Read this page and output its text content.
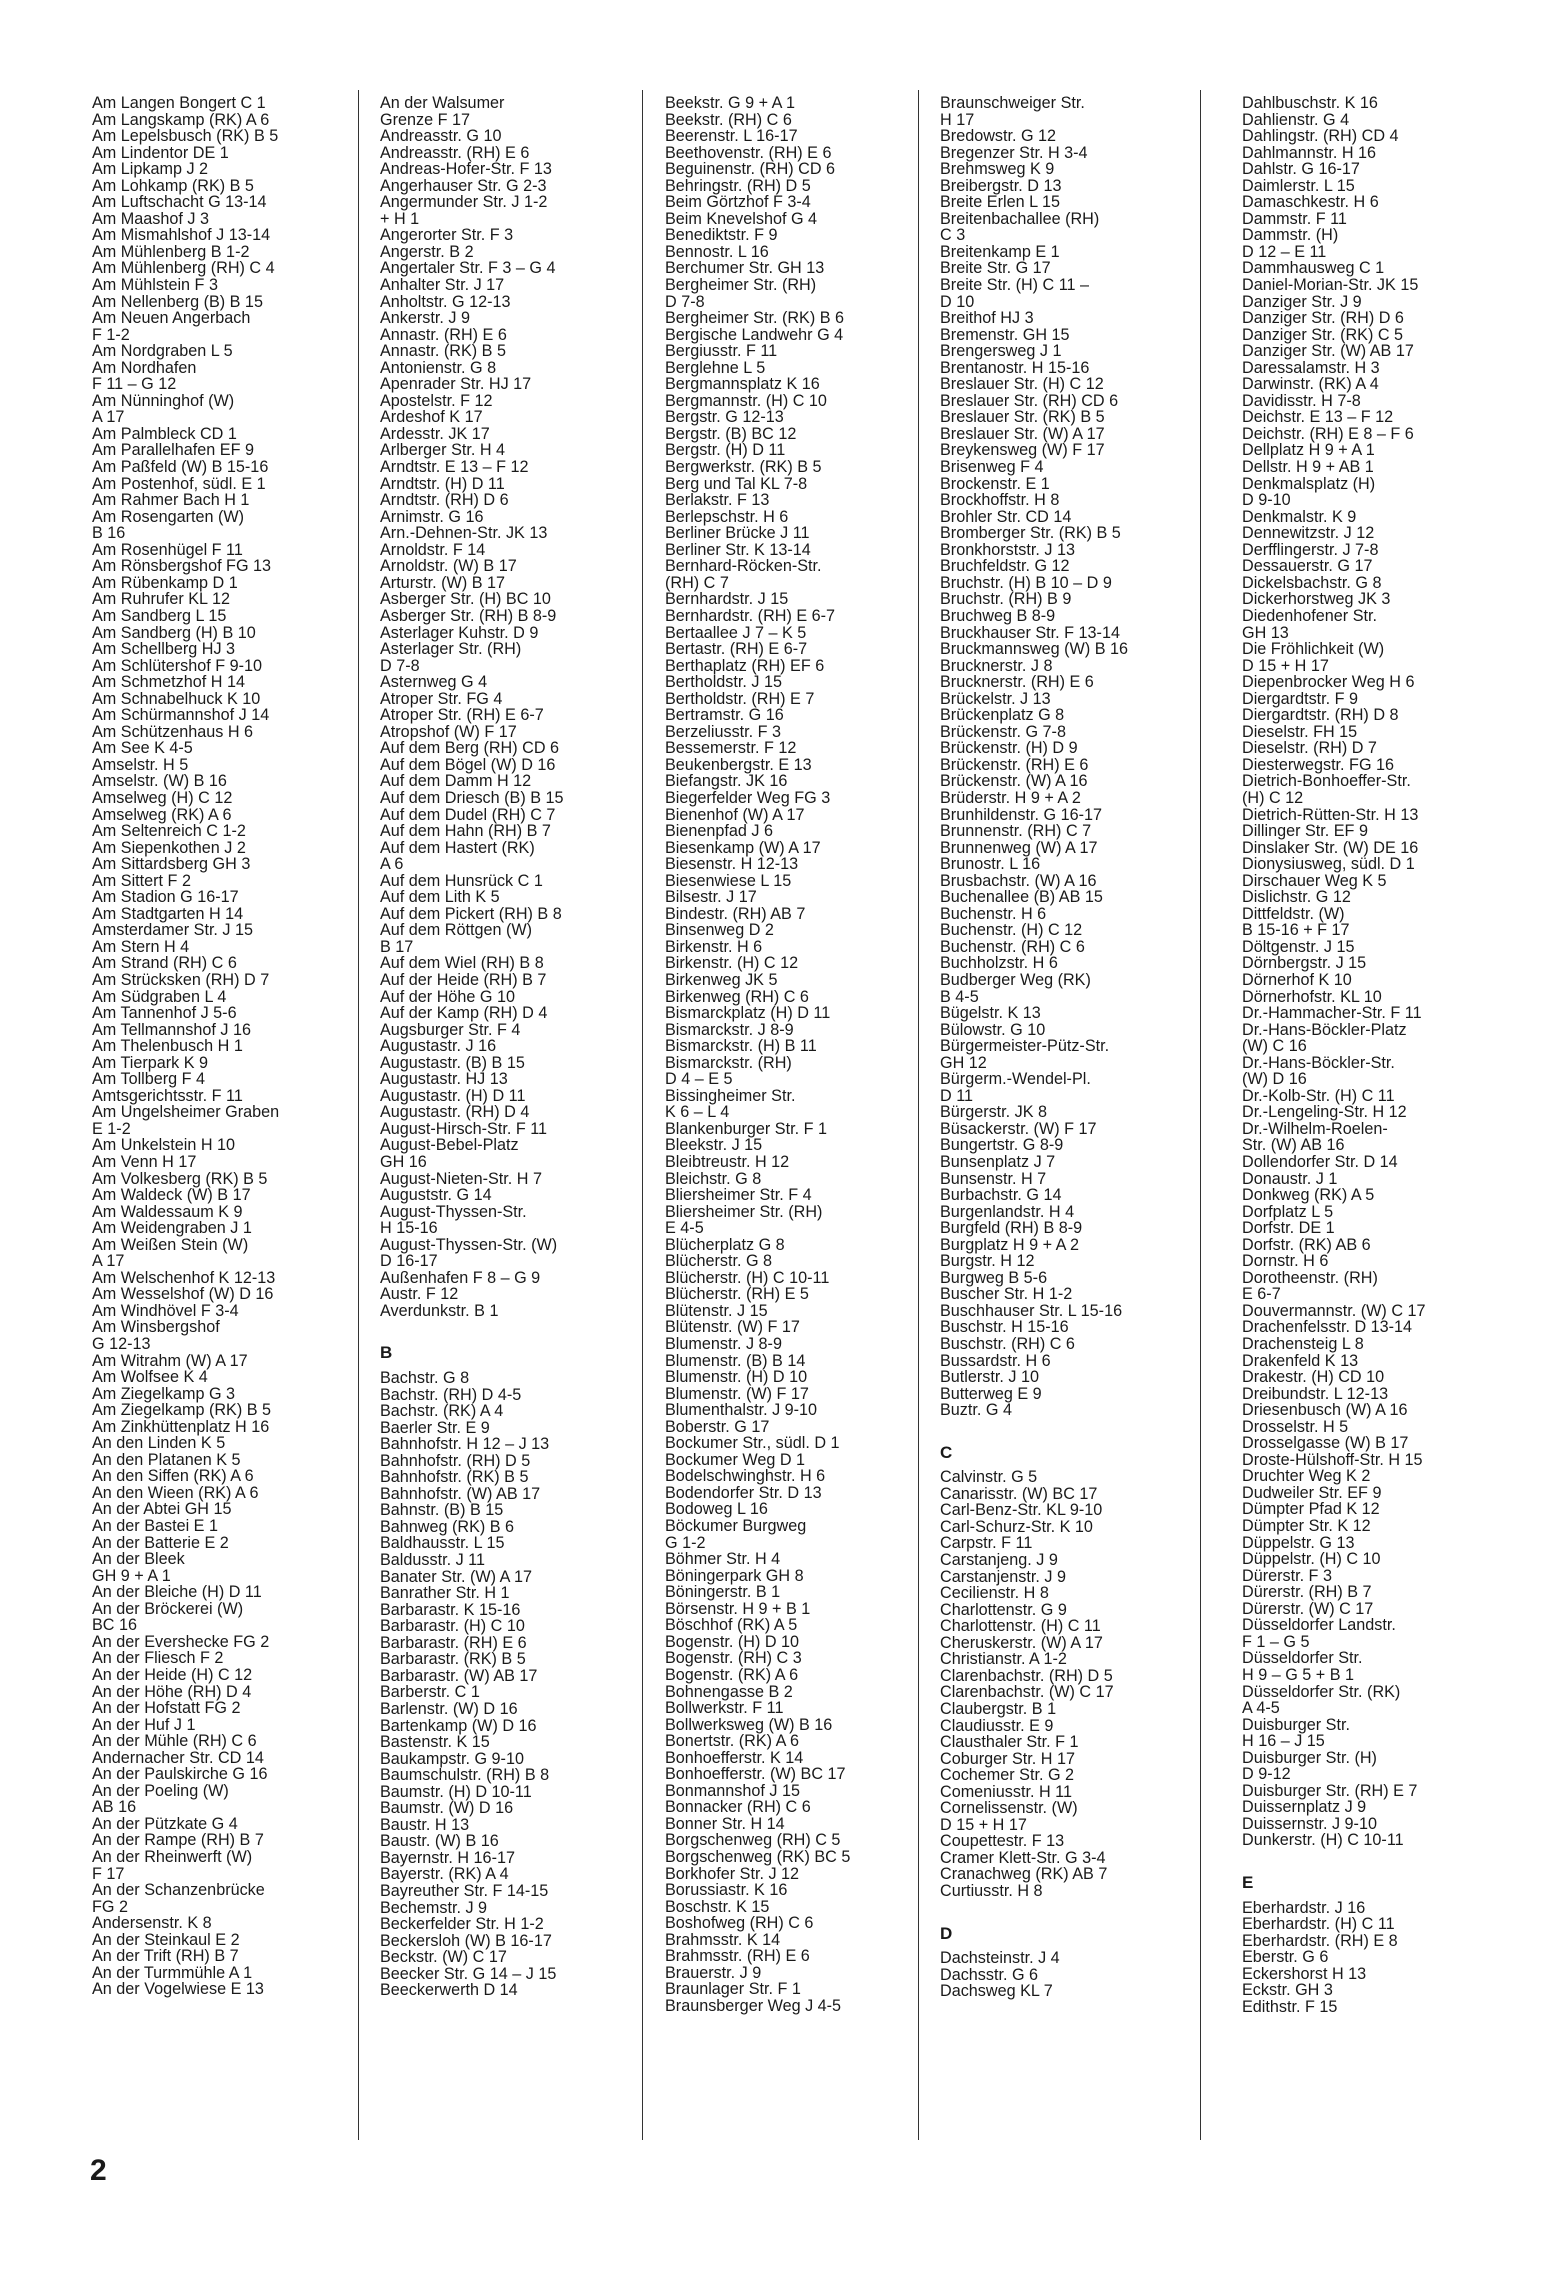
Am Langen Bongert C 1
Am Langskamp (RK) A 6
Am Lepelsbusch (RK) B 5
Am Lindentor DE 1
Am Lipkamp J 2
Am Lohkamp (RK) B 5
Am Luftschacht G 13-14
Am Maashof J 3
Am Mismahlshof J 13-14
Am Mühlenberg B 1-2
Am Mühlenberg (RH) C 4
Am Mühlstein F 3
Am Nellenberg (B) B 15
Am Neuen Angerbach
F 1-2
Am Nordgraben L 5
Am Nordhafen
F 11 – G 12
Am Nünninghof (W)
A 17
Am Palmbleck CD 1
Am Parallelhafen EF 9
Am Paßfeld (W) B 15-16
Am Postenhof, südl. E 1
Am Rahmer Bach H 1
Am Rosengarten (W)
B 16
Am Rosenhügel F 11
Am Rönsbergshof FG 13
Am Rübenkamp D 1
Am Ruhrufer KL 12
Am Sandberg L 15
Am Sandberg (H) B 10
Am Schellberg HJ 3
Am Schlütershof F 9-10
Am Schmetzhof H 14
Am Schnabelhuck K 10
Am Schürmannshof J 14
Am Schützenhaus H 6
Am See K 4-5
Amselstr. H 5
Amselstr. (W) B 16
Amselweg (H) C 12
Amselweg (RK) A 6
Am Seltenreich C 1-2
Am Siepenkothen J 2
Am Sittardsberg GH 3
Am Sittert F 2
Am Stadion G 16-17
Am Stadtgarten H 14
Amsterdamer Str. J 15
Am Stern H 4
Am Strand (RH) C 6
Am Strücksken (RH) D 7
Am Südgraben L 4
Am Tannenhof J 5-6
Am Tellmannshof J 16
Am Thelenbusch H 1
Am Tierpark K 9
Am Tollberg F 4
Amtsgerichtsstr. F 11
Am Ungelsheimer Graben
E 1-2
Am Unkelstein H 10
Am Venn H 17
Am Volkesberg (RK) B 5
Am Waldeck (W) B 17
Am Waldessaum K 9
Am Weidengraben J 1
Am Weißen Stein (W)
A 17
Am Welschenhof K 12-13
Am Wesselshof (W) D 16
Am Windhövel F 3-4
Am Winsbergshof
G 12-13
Am Witrahm (W) A 17
Am Wolfsee K 4
Am Ziegelkamp G 3
Am Ziegelkamp (RK) B 5
Am Zinkhüttenplatz H 16
An den Linden K 5
An den Platanen K 5
An den Siffen (RK) A 6
An den Wieen (RK) A 6
An der Abtei GH 15
An der Bastei E 1
An der Batterie E 2
An der Bleek
GH 9 + A 1
An der Bleiche (H) D 11
An der Bröckerei (W)
BC 16
An der Evershecke FG 2
An der Fliesch F 2
An der Heide (H) C 12
An der Höhe (RH) D 4
An der Hofstatt FG 2
An der Huf J 1
An der Mühle (RH) C 6
Andernacher Str. CD 14
An der Paulskirche G 16
An der Poeling (W)
AB 16
An der Pützkate G 4
An der Rampe (RH) B 7
An der Rheinwerft (W)
F 17
An der Schanzenbrücke
FG 2
Andersenstr. K 8
An der Steinkaul E 2
An der Trift (RH) B 7
An der Turmmühle A 1
An der Vogelwiese E 13
An der Walsumer
Grenze F 17
Andreasstr. G 10
Andreasstr. (RH) E 6
Andreas-Hofer-Str. F 13
Angerhauser Str. G 2-3
Angermunder Str. J 1-2
+ H 1
Angerorter Str. F 3
Angerstr. B 2
Angertaler Str. F 3 – G 4
Anhalter Str. J 17
Anholtstr. G 12-13
Ankerstr. J 9
Annastr. (RH) E 6
Annastr. (RK) B 5
Antonienstr. G 8
Apenrader Str. HJ 17
Apostelstr. F 12
Ardeshof K 17
Ardesstr. JK 17
Arlberger Str. H 4
Arndtstr. E 13 – F 12
Arndtstr. (H) D 11
Arndtstr. (RH) D 6
Arnimstr. G 16
Arn.-Dehnen-Str. JK 13
Arnoldstr. F 14
Arnoldstr. (W) B 17
Arturstr. (W) B 17
Asberger Str. (H) BC 10
Asberger Str. (RH) B 8-9
Asterlager Kuhstr. D 9
Asterlager Str. (RH)
D 7-8
Asternweg G 4
Atroper Str. FG 4
Atroper Str. (RH) E 6-7
Atropshof (W) F 17
Auf dem Berg (RH) CD 6
Auf dem Bögel (W) D 16
Auf dem Damm H 12
Auf dem Driesch (B) B 15
Auf dem Dudel (RH) C 7
Auf dem Hahn (RH) B 7
Auf dem Hastert (RK)
A 6
Auf dem Hunsrück C 1
Auf dem Lith K 5
Auf dem Pickert (RH) B 8
Auf dem Röttgen (W)
B 17
Auf dem Wiel (RH) B 8
Auf der Heide (RH) B 7
Auf der Höhe G 10
Auf der Kamp (RH) D 4
Augsburger Str. F 4
Augustastr. J 16
Augustastr. (B) B 15
Augustastr. HJ 13
Augustastr. (H) D 11
Augustastr. (RH) D 4
August-Hirsch-Str. F 11
August-Bebel-Platz
GH 16
August-Nieten-Str. H 7
Auguststr. G 14
August-Thyssen-Str.
H 15-16
August-Thyssen-Str. (W)
D 16-17
Außenhafen F 8 – G 9
Austr. F 12
Averdunkstr. B 1
B
Bachstr. G 8
Bachstr. (RH) D 4-5
Bachstr. (RK) A 4
Baerler Str. E 9
Bahnhofstr. H 12 – J 13
Bahnhofstr. (RH) D 5
Bahnhofstr. (RK) B 5
Bahnhofstr. (W) AB 17
Bahnstr. (B) B 15
Bahnweg (RK) B 6
Baldhausstr. L 15
Baldusstr. J 11
Banater Str. (W) A 17
Banrather Str. H 1
Barbarastr. K 15-16
Barbarastr. (H) C 10
Barbarastr. (RH) E 6
Barbarastr. (RK) B 5
Barbarastr. (W) AB 17
Barberstr. C 1
Barlenstr. (W) D 16
Bartenkamp (W) D 16
Bastenstr. K 15
Baukampstr. G 9-10
Baumschulstr. (RH) B 8
Baumstr. (H) D 10-11
Baumstr. (W) D 16
Baustr. H 13
Baustr. (W) B 16
Bayernstr. H 16-17
Bayerstr. (RK) A 4
Bayreuther Str. F 14-15
Bechemstr. J 9
Beckerfelder Str. H 1-2
Beckersloh (W) B 16-17
Beckstr. (W) C 17
Beecker Str. G 14 – J 15
Beeckerwerth D 14
Beekstr. G 9 + A 1
Beekstr. (RH) C 6
Beerenstr. L 16-17
Beethovenstr. (RH) E 6
Beguinenstr. (RH) CD 6
Behringstr. (RH) D 5
Beim Görtzhof F 3-4
Beim Knevelshof G 4
Benediktstr. F 9
Bennostr. L 16
Berchumer Str. GH 13
Bergheimer Str. (RH)
D 7-8
Bergheimer Str. (RK) B 6
Bergische Landwehr G 4
Bergiusstr. F 11
Berglehne L 5
Bergmannsplatz K 16
Bergmannstr. (H) C 10
Bergstr. G 12-13
Bergstr. (B) BC 12
Bergstr. (H) D 11
Bergwerkstr. (RK) B 5
Berg und Tal KL 7-8
Berlakstr. F 13
Berlepschstr. H 6
Berliner Brücke J 11
Berliner Str. K 13-14
Bernhard-Röcken-Str.
(RH) C 7
Bernhardstr. J 15
Bernhardstr. (RH) E 6-7
Bertaallee J 7 – K 5
Bertastr. (RH) E 6-7
Berthaplatz (RH) EF 6
Bertholdstr. J 15
Bertholdstr. (RH) E 7
Bertramstr. G 16
Berzeliusstr. F 3
Bessemerstr. F 12
Beukenbergstr. E 13
Biefangstr. JK 16
Biegerfelder Weg FG 3
Bienenhof (W) A 17
Bienenpfad J 6
Biesenkamp (W) A 17
Biesenstr. H 12-13
Biesenwiese L 15
Bilsestr. J 17
Bindestr. (RH) AB 7
Binsenweg D 2
Birkenstr. H 6
Birkenstr. (H) C 12
Birkenweg JK 5
Birkenweg (RH) C 6
Bismarckplatz (H) D 11
Bismarckstr. J 8-9
Bismarckstr. (H) B 11
Bismarckstr. (RH)
D 4 – E 5
Bissingheimer Str.
K 6 – L 4
Blankenburger Str. F 1
Bleekstr. J 15
Bleibtreustr. H 12
Bleichstr. G 8
Bliersheimer Str. F 4
Bliersheimer Str. (RH)
E 4-5
Blücherplatz G 8
Blücherstr. G 8
Blücherstr. (H) C 10-11
Blücherstr. (RH) E 5
Blütenstr. J 15
Blütenstr. (W) F 17
Blumenstr. J 8-9
Blumenstr. (B) B 14
Blumenstr. (H) D 10
Blumenstr. (W) F 17
Blumenthalstr. J 9-10
Boberstr. G 17
Bockumer Str., südl. D 1
Bockumer Weg D 1
Bodelschwinghstr. H 6
Bodendorfer Str. D 13
Bodoweg L 16
Böckumer Burgweg
G 1-2
Böhmer Str. H 4
Böningerpark GH 8
Böningerstr. B 1
Börsenstr. H 9 + B 1
Böschhof (RK) A 5
Bogenstr. (H) D 10
Bogenstr. (RH) C 3
Bogenstr. (RK) A 6
Bohnengasse B 2
Bollwerkstr. F 11
Bollwerksweg (W) B 16
Bonertstr. (RK) A 6
Bonhoefferstr. K 14
Bonhoefferstr. (W) BC 17
Bonmannshof J 15
Bonnacker (RH) C 6
Bonner Str. H 14
Borgschenweg (RH) C 5
Borgschenweg (RK) BC 5
Borkhofer Str. J 12
Borussiastr. K 16
Boschstr. K 15
Boshofweg (RH) C 6
Brahmsstr. K 14
Brahmsstr. (RH) E 6
Brauerstr. J 9
Braunlager Str. F 1
Braunsberger Weg J 4-5
Braunschweiger Str.
H 17
Bredowstr. G 12
Bregenzer Str. H 3-4
Brehmsweg K 9
Breibergstr. D 13
Breite Erlen L 15
Breitenbachallee (RH)
C 3
Breitenkamp E 1
Breite Str. G 17
Breite Str. (H) C 11 –
D 10
Breithof HJ 3
Bremenstr. GH 15
Brengersweg J 1
Brentanostr. H 15-16
Breslauer Str. (H) C 12
Breslauer Str. (RH) CD 6
Breslauer Str. (RK) B 5
Breslauer Str. (W) A 17
Breykensweg (W) F 17
Brisenweg F 4
Brockenstr. E 1
Brockhoffstr. H 8
Brohler Str. CD 14
Bromberger Str. (RK) B 5
Bronkhorststr. J 13
Bruchfeldstr. G 12
Bruchstr. (H) B 10 – D 9
Bruchstr. (RH) B 9
Bruchweg B 8-9
Bruckhauser Str. F 13-14
Bruckmannsweg (W) B 16
Brucknerstr. J 8
Brucknerstr. (RH) E 6
Brückelstr. J 13
Brückenplatz G 8
Brückenstr. G 7-8
Brückenstr. (H) D 9
Brückenstr. (RH) E 6
Brückenstr. (W) A 16
Brüderstr. H 9 + A 2
Brunhildenstr. G 16-17
Brunnenstr. (RH) C 7
Brunnenweg (W) A 17
Brunostr. L 16
Brusbachstr. (W) A 16
Buchenallee (B) AB 15
Buchenstr. H 6
Buchenstr. (H) C 12
Buchenstr. (RH) C 6
Buchholzstr. H 6
Budberger Weg (RK)
B 4-5
Bügelstr. K 13
Bülowstr. G 10
Bürgermeister-Pütz-Str.
GH 12
Bürgerm.-Wendel-Pl.
D 11
Bürgerstr. JK 8
Büsackerstr. (W) F 17
Bungertstr. G 8-9
Bunsenplatz J 7
Bunsenstr. H 7
Burbachstr. G 14
Burgenlandstr. H 4
Burgfeld (RH) B 8-9
Burgplatz H 9 + A 2
Burgstr. H 12
Burgweg B 5-6
Buscher Str. H 1-2
Buschhauser Str. L 15-16
Buschstr. H 15-16
Buschstr. (RH) C 6
Bussardstr. H 6
Butlerstr. J 10
Butterweg E 9
Buztr. G 4
C
Calvinstr. G 5
Canarisstr. (W) BC 17
Carl-Benz-Str. KL 9-10
Carl-Schurz-Str. K 10
Carpstr. F 11
Carstanjeng. J 9
Carstanjenstr. J 9
Cecilienstr. H 8
Charlottenstr. G 9
Charlottenstr. (H) C 11
Cheruskerstr. (W) A 17
Christianstr. A 1-2
Clarenbachstr. (RH) D 5
Clarenbachstr. (W) C 17
Claubergstr. B 1
Claudiusstr. E 9
Clausthaler Str. F 1
Coburger Str. H 17
Cochemer Str. G 2
Comeniusstr. H 11
Cornelissenstr. (W)
D 15 + H 17
Coupettestr. F 13
Cramer Klett-Str. G 3-4
Cranachweg (RK) AB 7
Curtiusstr. H 8
D
Dachsteinstr. J 4
Dachsstr. G 6
Dachsweg KL 7
Dahlbuschstr. K 16
Dahlienstr. G 4
Dahlingstr. (RH) CD 4
Dahlmannstr. H 16
Dahlstr. G 16-17
Daimlerstr. L 15
Damaschkestr. H 6
Dammstr. F 11
Dammstr. (H)
D 12 – E 11
Dammhausweg C 1
Daniel-Morian-Str. JK 15
Danziger Str. J 9
Danziger Str. (RH) D 6
Danziger Str. (RK) C 5
Danziger Str. (W) AB 17
Daressalamstr. H 3
Darwinstr. (RK) A 4
Davidisstr. H 7-8
Deichstr. E 13 – F 12
Deichstr. (RH) E 8 – F 6
Dellplatz H 9 + A 1
Dellstr. H 9 + AB 1
Denkmalsplatz (H)
D 9-10
Denkmalstr. K 9
Dennewitzstr. J 12
Derfflingerstr. J 7-8
Dessauerstr. G 17
Dickelsbachstr. G 8
Dickerhorstweg JK 3
Diedenhofener Str.
GH 13
Die Fröhlichkeit (W)
D 15 + H 17
Diepenbrocker Weg H 6
Diergardtstr. F 9
Diergardtstr. (RH) D 8
Dieselstr. FH 15
Dieselstr. (RH) D 7
Diesterwegstr. FG 16
Dietrich-Bonhoeffer-Str.
(H) C 12
Dietrich-Rütten-Str. H 13
Dillinger Str. EF 9
Dinslaker Str. (W) DE 16
Dionysiusweg, südl. D 1
Dirschauer Weg K 5
Dislichstr. G 12
Dittfeldstr. (W)
B 15-16 + F 17
Döltgenstr. J 15
Dörnbergstr. J 15
Dörnerhof K 10
Dörnerhofstr. KL 10
Dr.-Hammacher-Str. F 11
Dr.-Hans-Böckler-Platz
(W) C 16
Dr.-Hans-Böckler-Str.
(W) D 16
Dr.-Kolb-Str. (H) C 11
Dr.-Lengeling-Str. H 12
Dr.-Wilhelm-Roelen-
Str. (W) AB 16
Dollendorfer Str. D 14
Donaustr. J 1
Donkweg (RK) A 5
Dorfplatz L 5
Dorfstr. DE 1
Dorfstr. (RK) AB 6
Dornstr. H 6
Dorotheenstr. (RH)
E 6-7
Douvermannstr. (W) C 17
Drachenfelsstr. D 13-14
Drachensteig L 8
Drakenfeld K 13
Drakestr. (H) CD 10
Dreibundstr. L 12-13
Driesenbusch (W) A 16
Drosselstr. H 5
Drosselgasse (W) B 17
Droste-Hülshoff-Str. H 15
Druchter Weg K 2
Dudweiler Str. EF 9
Dümpter Pfad K 12
Dümpter Str. K 12
Düppelstr. G 13
Düppelstr. (H) C 10
Dürerstr. F 3
Dürerstr. (RH) B 7
Dürerstr. (W) C 17
Düsseldorfer Landstr.
F 1 – G 5
Düsseldorfer Str.
H 9 – G 5 + B 1
Düsseldorfer Str. (RK)
A 4-5
Duisburger Str.
H 16 – J 15
Duisburger Str. (H)
D 9-12
Duisburger Str. (RH) E 7
Duissernplatz J 9
Duissernstr. J 9-10
Dunkerstr. (H) C 10-11
E
Eberhardstr. J 16
Eberhardstr. (H) C 11
Eberhardstr. (RH) E 8
Eberstr. G 6
Eckershorst H 13
Eckstr. GH 3
Edithstr. F 15
2
